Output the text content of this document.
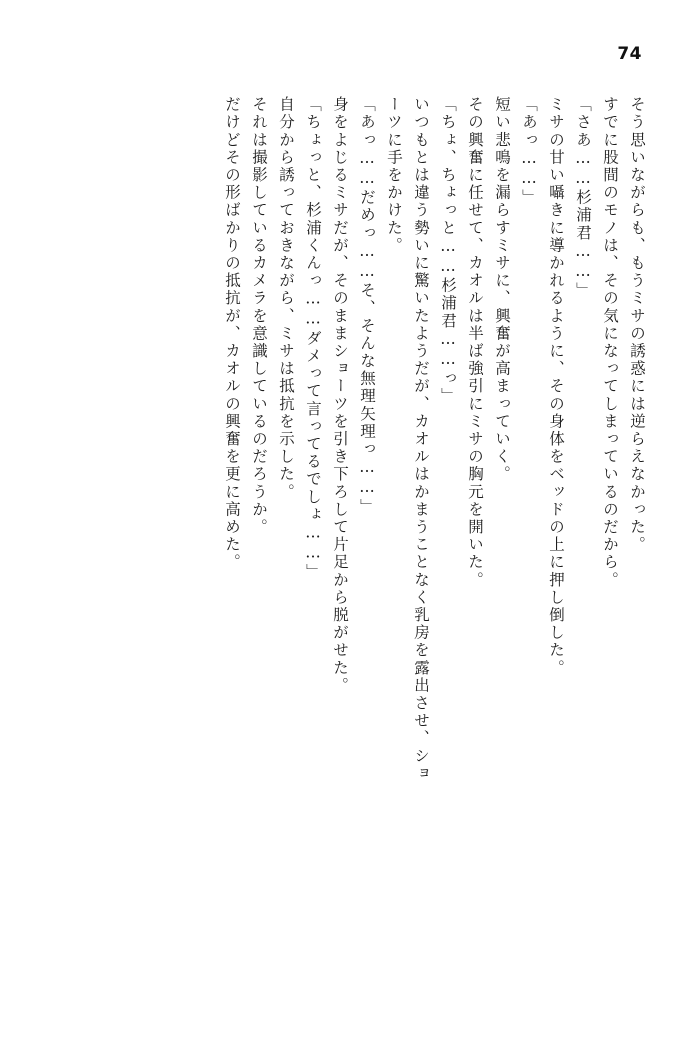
74
そう思いながらも、もうミサの誘惑には逆らえなかった。
すでに股間のモノは、その気になってしまっているのだから。
「さあ……杉浦君……」
ミサの甘い囁きに導かれるように、その身体をベッドの上に押し倒した。
「あっ……」
短い悲鳴を漏らすミサに、興奮が高まっていく。
その興奮に任せて、カオルは半ば強引にミサの胸元を開いた。
「ちょ、ちょっと……杉浦君……っ」
いつもとは違う勢いに驚いたようだが、カオルはかまうことなく乳房を露出させ、ショ
ーツに手をかけた。
「あっ……だめっ……そ、そんな無理矢理っ……」
身をよじるミサだが、そのままショーツを引き下ろして片足から脱がせた。
「ちょっと、杉浦くんっ……ダメって言ってるでしょ……」
自分から誘っておきながら、ミサは抵抗を示した。
それは撮影しているカメラを意識しているのだろうか。
だけどその形ばかりの抵抗が、カオルの興奮を更に高めた。
